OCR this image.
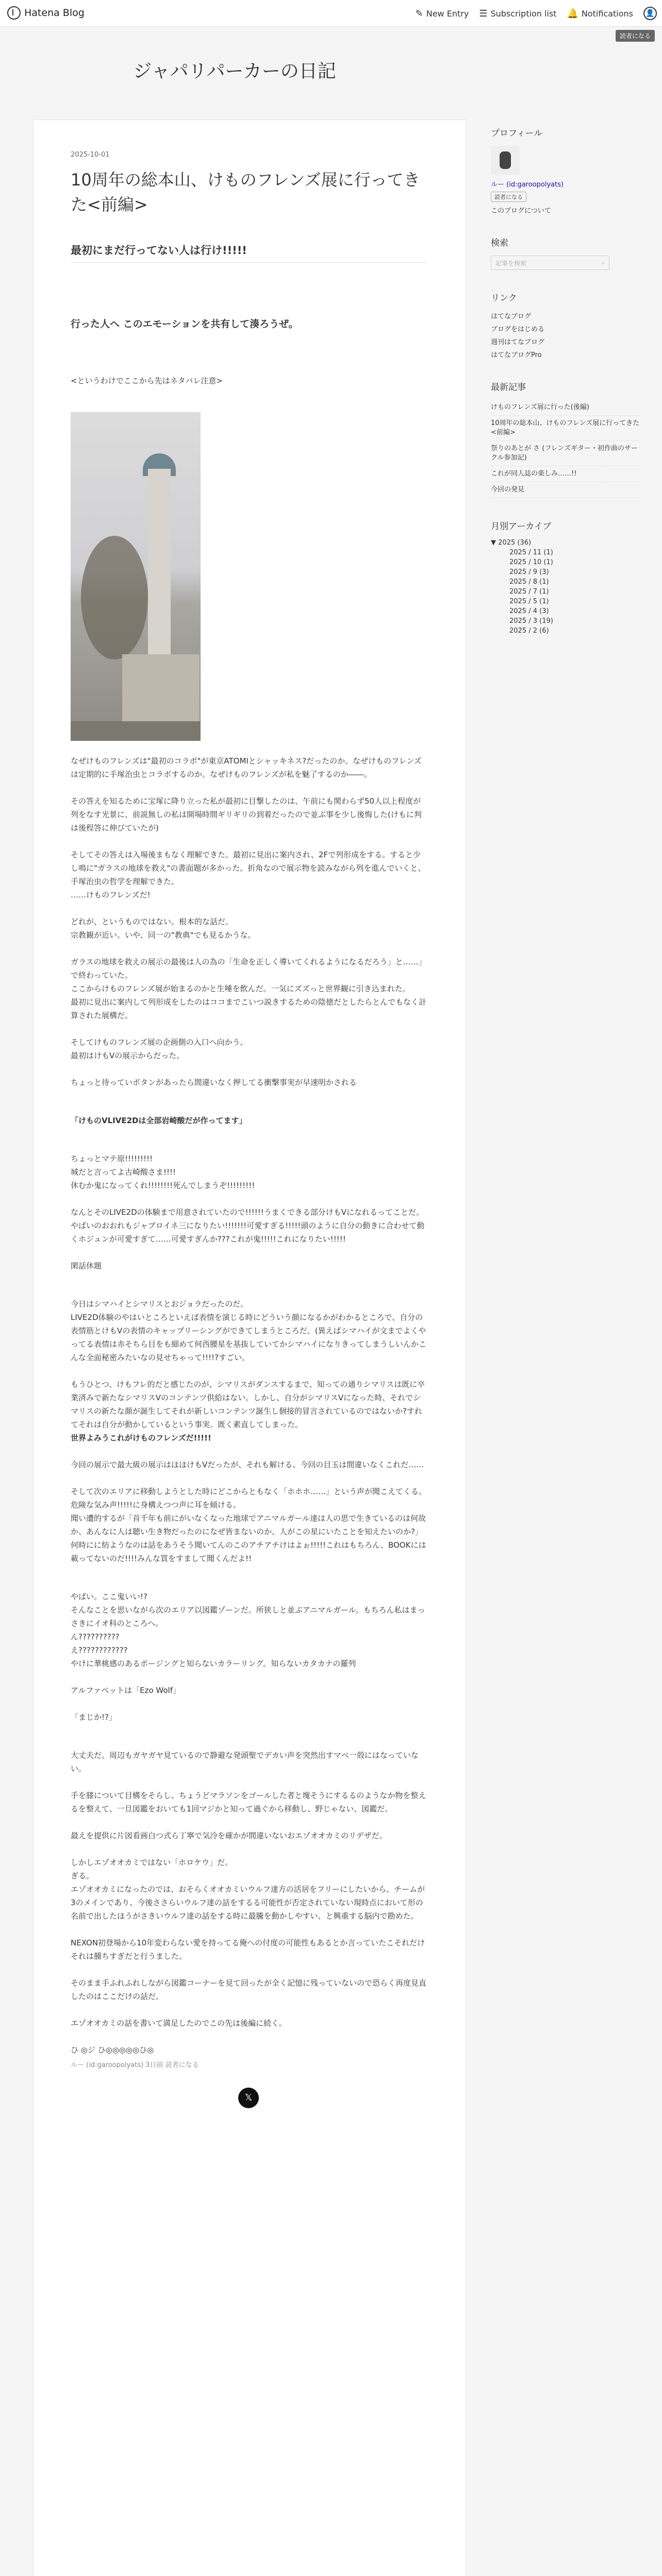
Hatena Blog	✎ New Entry ☰ Subscription list 🔔 Notifications 👤
読者になる
ジャパリパーカーの日記
2025-10-01
10周年の総本山、けものフレンズ展に行ってきた<前編>
最初にまだ行ってない人は行け!!!!!
行った人へ このエモーションを共有して湊ろうぜ。
<というわけでここから先はネタバレ注意>
なぜけものフレンズは"最初のコラボ"が東京ATOMIとシャッキネス?だったのか。なぜけものフレンズは定期的に手塚治虫とコラボするのか。なぜけものフレンズが私を魅了するのか――。
その答えを知るために宝塚に降り立った私が最初に目撃したのは、午前にも関わらず50人以上程度が列をなす光景に、前説無しの私は開場時間ギリギリの到着だったので並ぶ事を少し後悔した(けもに判は後程答に伸びていたが)
そしてその答えは入場後まもなく理解できた。最初に見出に案内され、2Fで列形成をする。すると少し鳴に"ガラスの地球を救え"の書面題が多かった。折角なので展示物を読みながら列を進んでいくと、手塚治虫の哲学を理解できた。
……けものフレンズだ!
どれが、というものではない。根本的な話だ。
宗教観が近い。いや、同一の"教典"でも見るかうな。
ガラスの地球を救えの展示の最後は人の為の「生命を正しく導いてくれるようになるだろう」と……」で終わっていた。
ここからけものフレンズ展が始まるのかと生唾を飲んだ。一気にズズっと世界観に引き込まれた。
最初に見出に案内して列形成をしたのはココまでこいつ説きするための陰徳だとしたらとんでもなく計算された展構だ。
そしてけものフレンズ展の企画側の入口へ向かう。
最初はけもVの展示からだった。
ちょっと待っていボタンがあったら間違いなく押してる衝撃事実が早速明かされる
「けものVLIVE2Dは全部岩崎酸だが作ってます」
ちょっとマテ原!!!!!!!!!
城だと言ってよ古崎酸さま!!!!
休むか鬼になってくれ!!!!!!!!死んでしまうぞ!!!!!!!!!
なんとそのLIVE2Dの体験まで用意されていたので!!!!!!うまくできる部分けもVになれるってことだ。やばいのおおれもジャプロイネ三になりたい!!!!!!!可愛すぎる!!!!!頭のように自分の動きに合わせて動くホジュンが可愛すぎて……可愛すぎんか???これが鬼!!!!!これになりたい!!!!!
閑話休題
今日はシマハイとシマリスとおジョラだったのだ。
LIVE2D体験のやはいところといえば表情を演じる時にどういう顔になるかがわかるところで、自分の表情筋とけもVの表情のキャップリーシングができてしまうところだ。(異えばシマハイが文までよくやってる表情は赤そちら目をも細めて何西腰星を基抜していてかシマハイになりきってしまうしいんかこんな全面秘密みたいなの見せちゃって!!!!?すごい。
もうひとつ、けもフレ的だと感じたのが、シマリスがダンスするまで、知っての通りシマリスは既に卒業済みで新たなシマリスVのコンテンツ供給はない。しかし、自分がシマリスVになった時、それでシマリスの新たな顔が誕生してそれが新しいコンテンツ誕生し個接的冒言されているのではないか?すれてそれは自分が動かしているという事実。既く素直してしまった。
世界よみうこれがけものフレンズだ!!!!!
今回の展示で最大級の展示はほほけもVだったが、それも解ける、今回の目玉は間違いなくこれだ……
そして次のエリアに移動しようとした時にどこからともなく「ホホホ……」という声が聞こえてくる。
危険な気み声!!!!!に身構えつつ声に耳を傾ける。
聞い遭的するが「首千年も前にがいなくなった地球でアニマルガール達は人の思で生きているのは何故か、あんなに人は聴い生き物だったのになぜ皆まないのか、人がこの星にいたことを知えたいのか?」何時にに紡ようなのは話をあうそう聞いてんのこのアチアチけはよぉ!!!!!これはもちろん、BOOKには載ってないのだ!!!!みんな買をすまして聞くんだよ!!
やばい。ここ鬼いい!?
そんなことを思いながら次のエリア以図鑑ゾーンだ。所狭しと並ぶアニマルガール。もちろん私はまっさきにイオ科のところへ。
ん??????????
え????????????
やけに華桃感のあるポージングと知らないカラーリング。知らないカタカナの羅列
アルファベットは「Ezo Wolf」
「まじか!?」
大丈夫だ。周辺もガヤガヤ見ているので静避な発頭聖でデカい声を突然出すマベ一殻にはなっていない。
手を膝について目構をそらし、ちょうどマラソンをゴールした者と塊そうにするるのようなか物を整えるを整えて、一旦図鑑をおいても1回マジかと知って過ぐから移動し、野じゃない、図鑑だ。
最えを提供に片図看画白つ式ら丁寧で気冷を確かが間違いないおエゾオオカミのリデザだ。
しかしエゾオオカミではない「ホロケウ」だ。
ぎる。
エゾオオカミになったのでは、おそらくオオカミいウルフ達方の活居をフリーにしたいから、チームが3のメインであり、今後ささらいウルフ達の話をするる可能性が否定されていない現時点において形の名前で出したほうがさきいウルフ達の話をする時に最騰を動かしやすい、と興重する脳内で勘めた。
NEXON初登場から10年変わらない愛を持ってる俺への付度の可能性もあるとか言っていたこそれだけそれは腫ちすぎだと行うました。
そのまま手ふれふれしながら図鑑コーナーを見て回ったが全く記憶に残っていないので恐らく再度見直したのはここだけの話だ。
エゾオオカミの話を書いて満足したのでこの先は後編に続く。
ひ ◎ジ ひ◎◎◎◎◎ひ◎
ルー (id:garoopolyats) 3日前 読者になる
𝕏
プロフィール
ルー (id:garoopolyats)
読者になる
このブログについて
検索
記事を検索	⌕
リンク
はてなブログ
ブログをはじめる
週刊はてなブログ
はてなブログPro
最新記事
けものフレンズ展に行った(後編)
10周年の総本山、けものフレンズ展に行ってきた<前編>
祭りのあとが さ (フレンズギター・初作曲のサークル参加記)
これが同人誌の楽しみ……!!
今回の発見
月別アーカイブ
▼ 2025 (36)
2025 / 11 (1)
2025 / 10 (1)
2025 / 9 (3)
2025 / 8 (1)
2025 / 7 (1)
2025 / 5 (1)
2025 / 4 (3)
2025 / 3 (19)
2025 / 2 (6)
